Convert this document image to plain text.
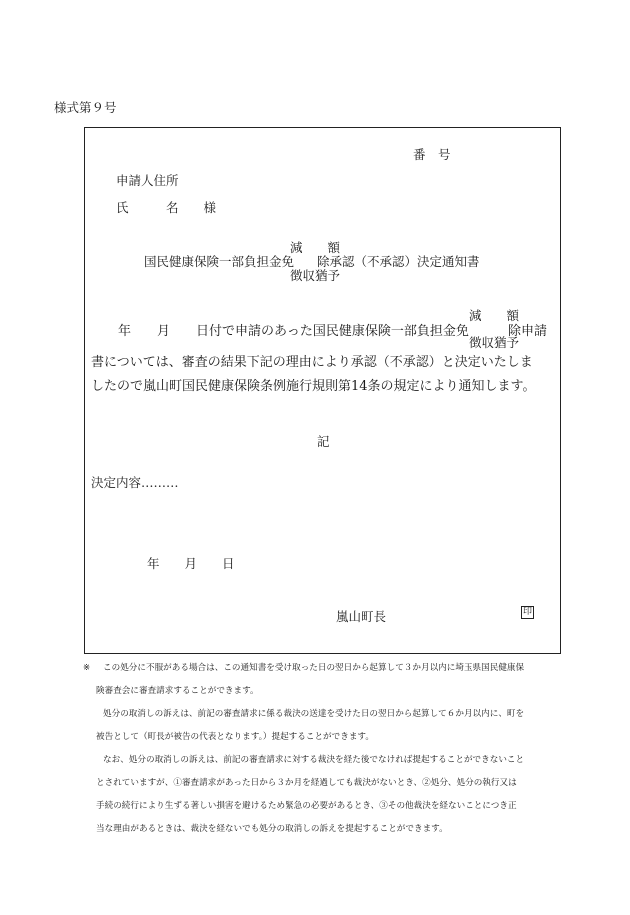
様式第９号
番　号
申請人住所
氏　　　名　　様
減　　額
国民健康保険一部負担金免 除承認（不承認）決定通知書
徴収猶予
減　　額
年　　月　　日付で申請のあった国民健康保険一部負担金免	除申請
徴収猶予
書については、審査の結果下記の理由により承認（不承認）と決定いたしま
したので嵐山町国民健康保険条例施行規則第14条の規定により通知します。
記
決定内容………
年　　月　　日
嵐山町長	印
※ この処分に不服がある場合は、この通知書を受け取った日の翌日から起算して３か月以内に埼玉県国民健康保
険審査会に審査請求することができます。
処分の取消しの訴えは、前記の審査請求に係る裁決の送達を受けた日の翌日から起算して６か月以内に、町を
被告として（町長が被告の代表となります。）提起することができます。
なお、処分の取消しの訴えは、前記の審査請求に対する裁決を経た後でなければ提起することができないこと
とされていますが、①審査請求があった日から３か月を経過しても裁決がないとき、②処分、処分の執行又は
手続の続行により生ずる著しい損害を避けるため緊急の必要があるとき、③その他裁決を経ないことにつき正
当な理由があるときは、裁決を経ないでも処分の取消しの訴えを提起することができます。
